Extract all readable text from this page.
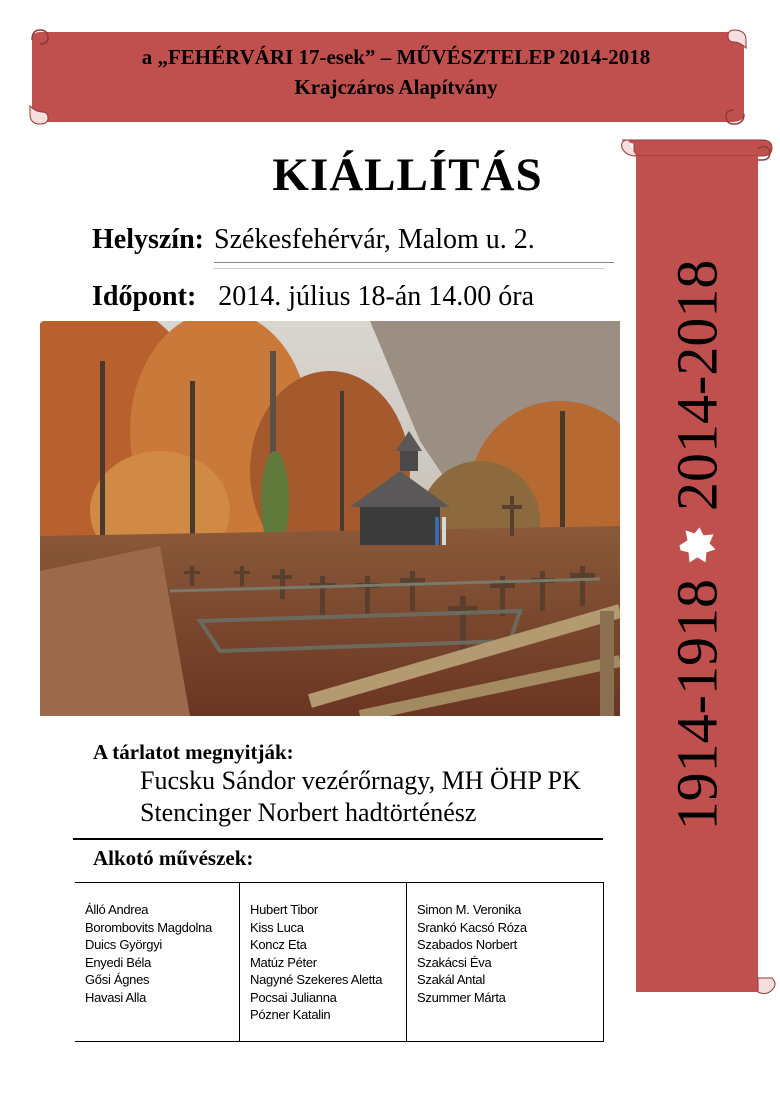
a „FEHÉRVÁRI 17-esek” – MŰVÉSZTELEP 2014-2018
Krajczáros Alapítvány
1914-1918
2014-2018
KIÁLLÍTÁS
Helyszín: Székesfehérvár, Malom u. 2.
Időpont: 2014. július 18-án 14.00 óra
A tárlatot megnyitják:
Fucsku Sándor vezérőrnagy, MH ÖHP PK
Stencinger Norbert hadtörténész
Alkotó művészek:
Álló Andrea
Borombovits Magdolna
Duics Györgyi
Enyedi Béla
Gősi Ágnes
Havasi Alla
Hubert Tibor
Kiss Luca
Koncz Eta
Matúz Péter
Nagyné Szekeres Aletta
Pocsai Julianna
Pózner Katalin
Simon M. Veronika
Srankó Kacsó Róza
Szabados Norbert
Szakácsi Éva
Szakál Antal
Szummer Márta
